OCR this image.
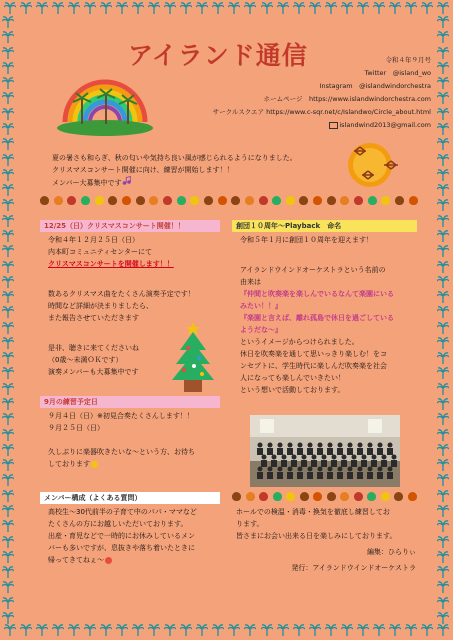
アイランド通信	令和４年９月号
Twitter　@island_wo
Instagram　@islandwindorchestra
ホームページ　https://www.islandwindorchestra.com
サークルスクエア https://www.c-sqr.net/c/Islandwo/Circle_about.html
islandwind2013@gmail.com
夏の暑さも和らぎ、秋の匂いや気持ち良い風が感じられるようになりました。
クリスマスコンサート開催に向け、練習が開始します！！
メンバー大募集中です
12/25（日）クリスマスコンサート開催！！
令和４年１２月２５日（日）
内本町コミュニティセンターにて
クリスマスコンサートを開催します！！
数あるクリスマス曲をたくさん演奏予定です！
時間など詳細が決まりましたら、
また報告させていただきます
是非、聴きに来てくださいね
（0歳～未満ＯＫです）
演奏メンバーも大募集中です
9月の練習予定日
９月４日（日）※初見合奏たくさんします！！
９月２５日（日）
久しぶりに楽器吹きたいな～という方、お待ち
しております
メンバー構成（よくある質問）
高校生～30代前半の子育て中のパパ・ママなど
たくさんの方にお越しいただいております。
出産・育児などで一時的にお休みしているメン
バーも多いですが、息抜きや落ち着いたときに
帰ってきてねぇ～
創団１０周年～Playback　命名
令和５年１月に創団１０周年を迎えます！
アイランドウインドオーケストラという名前の
由来は
『仲間と吹奏楽を楽しんでいるなんて楽園にいる
みたい！！』
『楽園と言えば、離れ孤島で休日を過ごしている
ようだな～』
というイメージからつけられました。
休日を吹奏楽を通して思いっきり楽しむ！をコ
ンセプトに、学生時代に楽しんだ吹奏楽を社会
人になっても楽しんでいきたい！
という想いで活動しております。
ホールでの検温・消毒・換気を徹底し練習してお
ります。
皆さまにお会い出来る日を楽しみにしております。
編集：ひらりぃ
発行：アイランドウインドオーケストラ
